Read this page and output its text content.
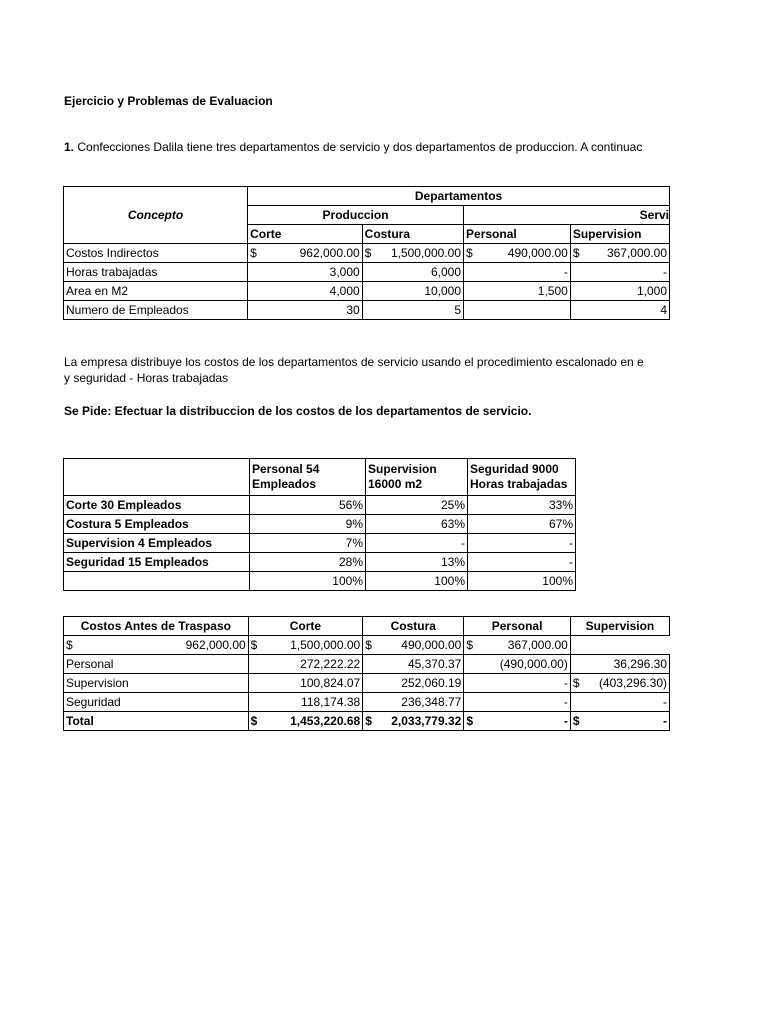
Ejercicio y Problemas de Evaluacion
1. Confecciones Dalila tiene tres departamentos de servicio y dos departamentos de produccion. A continuac
Concepto	Departamentos			
	Produccion		Servi	
	Corte	Costura	Personal	Supervision
Costos Indirectos	$ 962,000.00	$ 1,500,000.00	$ 490,000.00	$ 367,000.00

Horas trabajadas	3,000	6,000	-	-

Area en M2	4,000	10,000	1,500	1,000

Numero de Empleados	30	5		4
La empresa distribuye los costos de los departamentos de servicio usando el procedimiento escalonado en e
y seguridad - Horas trabajadas
Se Pide: Efectuar la distribuccion de los costos de los departamentos de servicio.
	Personal 54 Empleados	Supervision 16000 m2	Seguridad 9000 Horas trabajadas
Corte 30 Empleados	56%	25%	33%
Costura 5 Empleados	9%	63%	67%
Supervision 4 Empleados	7%	-	-
Seguridad 15 Empleados	28%	13%	-
	100%	100%	100%
Costos Antes de Traspaso	Corte	Costura	Personal	Supervision

$ 962,000.00	$ 1,500,000.00	$ 490,000.00	$ 367,000.00	

Personal	272,222.22	45,370.37	(490,000.00)	36,296.30

Supervision	100,824.07	252,060.19	-	$ (403,296.30)

Seguridad	118,174.38	236,348.77	-	-

Total	$ 1,453,220.68	$ 2,033,779.32	$ -	$ -
